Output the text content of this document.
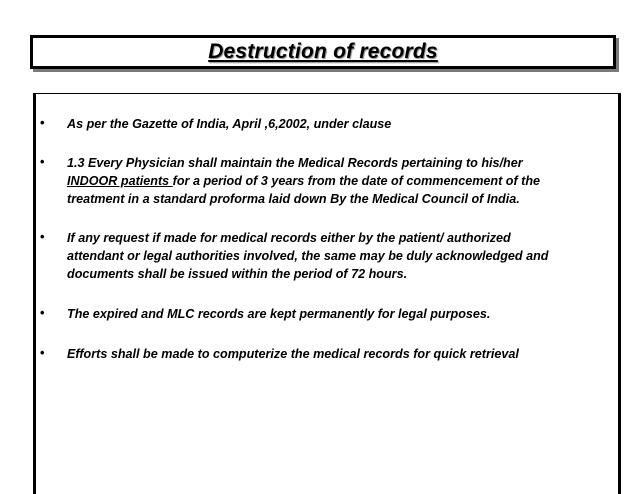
Destruction of records
• As per the Gazette of India, April ,6,2002, under clause
• 1.3 Every Physician shall maintain the Medical Records pertaining to his/her
INDOOR patients for a period of 3 years from the date of commencement of the
treatment in a standard proforma laid down By the Medical Council of India.
• If any request if made for medical records either by the patient/ authorized
attendant or legal authorities involved, the same may be duly acknowledged and
documents shall be issued within the period of 72 hours.
• The expired and MLC records are kept permanently for legal purposes.
• Efforts shall be made to computerize the medical records for quick retrieval
